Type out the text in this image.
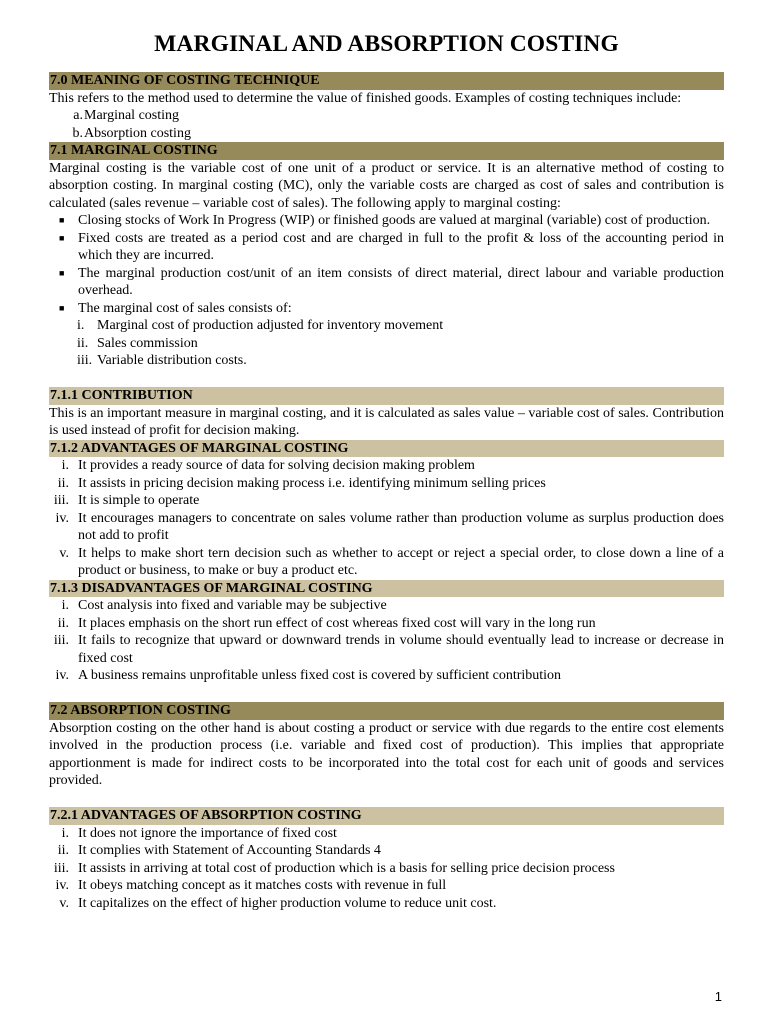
MARGINAL AND ABSORPTION COSTING
7.0 MEANING OF COSTING TECHNIQUE

This refers to the method used to determine the value of finished goods. Examples of costing techniques include:

a. Marginal costing
b. Absorption costing
7.1 MARGINAL COSTING

Marginal costing is the variable cost of one unit of a product or service. It is an alternative method of costing to absorption costing. In marginal costing (MC), only the variable costs are charged as cost of sales and contribution is calculated (sales revenue – variable cost of sales). The following apply to marginal costing:

■ Closing stocks of Work In Progress (WIP) or finished goods are valued at marginal (variable) cost of production.
■ Fixed costs are treated as a period cost and are charged in full to the profit & loss of the accounting period in which they are incurred.
■ The marginal production cost/unit of an item consists of direct material, direct labour and variable production overhead.
■ The marginal cost of sales consists of:
i. Marginal cost of production adjusted for inventory movement
ii. Sales commission
iii. Variable distribution costs.
7.1.1 CONTRIBUTION

This is an important measure in marginal costing, and it is calculated as sales value – variable cost of sales. Contribution is used instead of profit for decision making.

7.1.2 ADVANTAGES OF MARGINAL COSTING
i. It provides a ready source of data for solving decision making problem
ii. It assists in pricing decision making process i.e. identifying minimum selling prices
iii. It is simple to operate
iv. It encourages managers to concentrate on sales volume rather than production volume as surplus production does not add to profit
v. It helps to make short tern decision such as whether to accept or reject a special order, to close down a line of a product or business, to make or buy a product etc.
7.1.3 DISADVANTAGES OF MARGINAL COSTING
i. Cost analysis into fixed and variable may be subjective
ii. It places emphasis on the short run effect of cost whereas fixed cost will vary in the long run
iii. It fails to recognize that upward or downward trends in volume should eventually lead to increase or decrease in fixed cost
iv. A business remains unprofitable unless fixed cost is covered by sufficient contribution
7.2 ABSORPTION COSTING

Absorption costing on the other hand is about costing a product or service with due regards to the entire cost elements involved in the production process (i.e. variable and fixed cost of production). This implies that appropriate apportionment is made for indirect costs to be incorporated into the total cost for each unit of goods and services provided.

7.2.1 ADVANTAGES OF ABSORPTION COSTING
i. It does not ignore the importance of fixed cost
ii. It complies with Statement of Accounting Standards 4
iii. It assists in arriving at total cost of production which is a basis for selling price decision process
iv. It obeys matching concept as it matches costs with revenue in full
v. It capitalizes on the effect of higher production volume to reduce unit cost.
1
